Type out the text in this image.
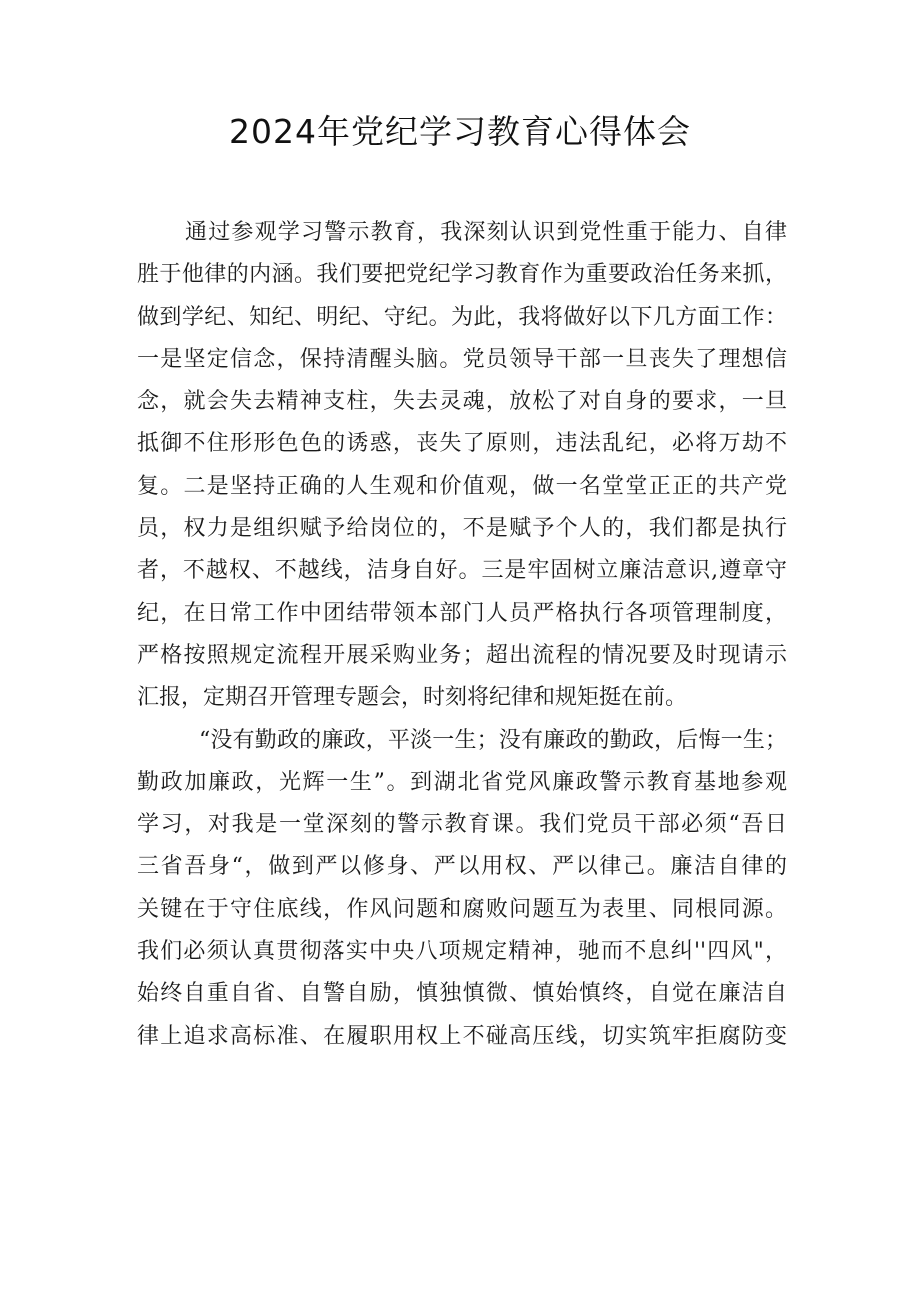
2024年党纪学习教育心得体会
通过参观学习警示教育，我深刻认识到党性重于能力、自律
胜于他律的内涵。我们要把党纪学习教育作为重要政治任务来抓，
做到学纪、知纪、明纪、守纪。为此，我将做好以下几方面工作：
一是坚定信念，保持清醒头脑。党员领导干部一旦丧失了理想信
念，就会失去精神支柱，失去灵魂，放松了对自身的要求，一旦
抵御不住形形色色的诱惑，丧失了原则，违法乱纪，必将万劫不
复。二是坚持正确的人生观和价值观，做一名堂堂正正的共产党
员，权力是组织赋予给岗位的，不是赋予个人的，我们都是执行
者，不越权、不越线，洁身自好。三是牢固树立廉洁意识,遵章守
纪，在日常工作中团结带领本部门人员严格执行各项管理制度，
严格按照规定流程开展采购业务；超出流程的情况要及时现请示
汇报，定期召开管理专题会，时刻将纪律和规矩挺在前。
“没有勤政的廉政，平淡一生；没有廉政的勤政，后悔一生；
勤政加廉政，光辉一生”。到湖北省党风廉政警示教育基地参观
学习，对我是一堂深刻的警示教育课。我们党员干部必须“吾日
三省吾身“，做到严以修身、严以用权、严以律己。廉洁自律的
关键在于守住底线，作风问题和腐败问题互为表里、同根同源。
我们必须认真贯彻落实中央八项规定精神，驰而不息纠''四风"，
始终自重自省、自警自励，慎独慎微、慎始慎终，自觉在廉洁自
律上追求高标准、在履职用权上不碰高压线，切实筑牢拒腐防变
